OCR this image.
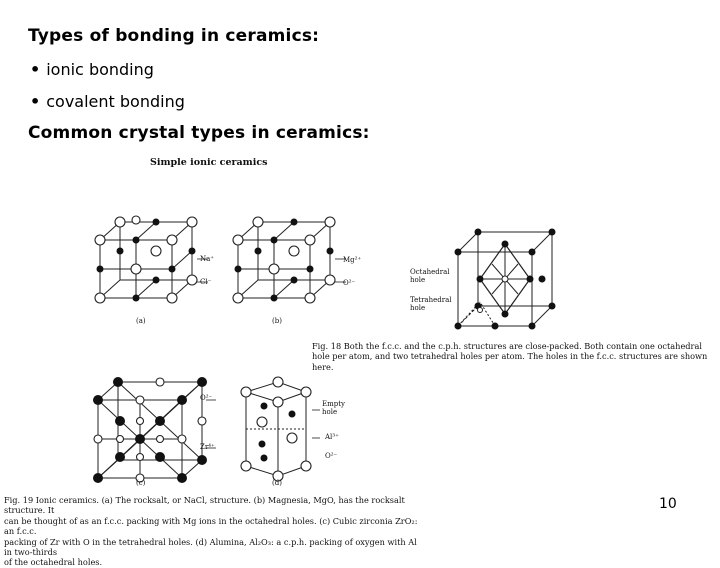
Types of bonding in ceramics:
• ionic bonding
• covalent bonding
Common crystal types in ceramics:
Simple ionic ceramics
Na⁺
Cl⁻
(a)
Mg²⁺
O²⁻
(b)
Octahedral hole
Tetrahedral hole
Fig. 18 Both the f.c.c. and the c.p.h. structures are close-packed. Both contain one octahedral hole per atom, and two tetrahedral holes per atom. The holes in the f.c.c. structures are shown here.
O²⁻
Zr⁴⁺
(c)
Empty hole
Al³⁺
O²⁻
(d)
Fig. 19 Ionic ceramics. (a) The rocksalt, or NaCl, structure. (b) Magnesia, MgO, has the rocksalt structure. It
can be thought of as an f.c.c. packing with Mg ions in the octahedral holes. (c) Cubic zirconia ZrO₂: an f.c.c.
packing of Zr with O in the tetrahedral holes. (d) Alumina, Al₂O₃: a c.p.h. packing of oxygen with Al in two-thirds
of the octahedral holes.
10
